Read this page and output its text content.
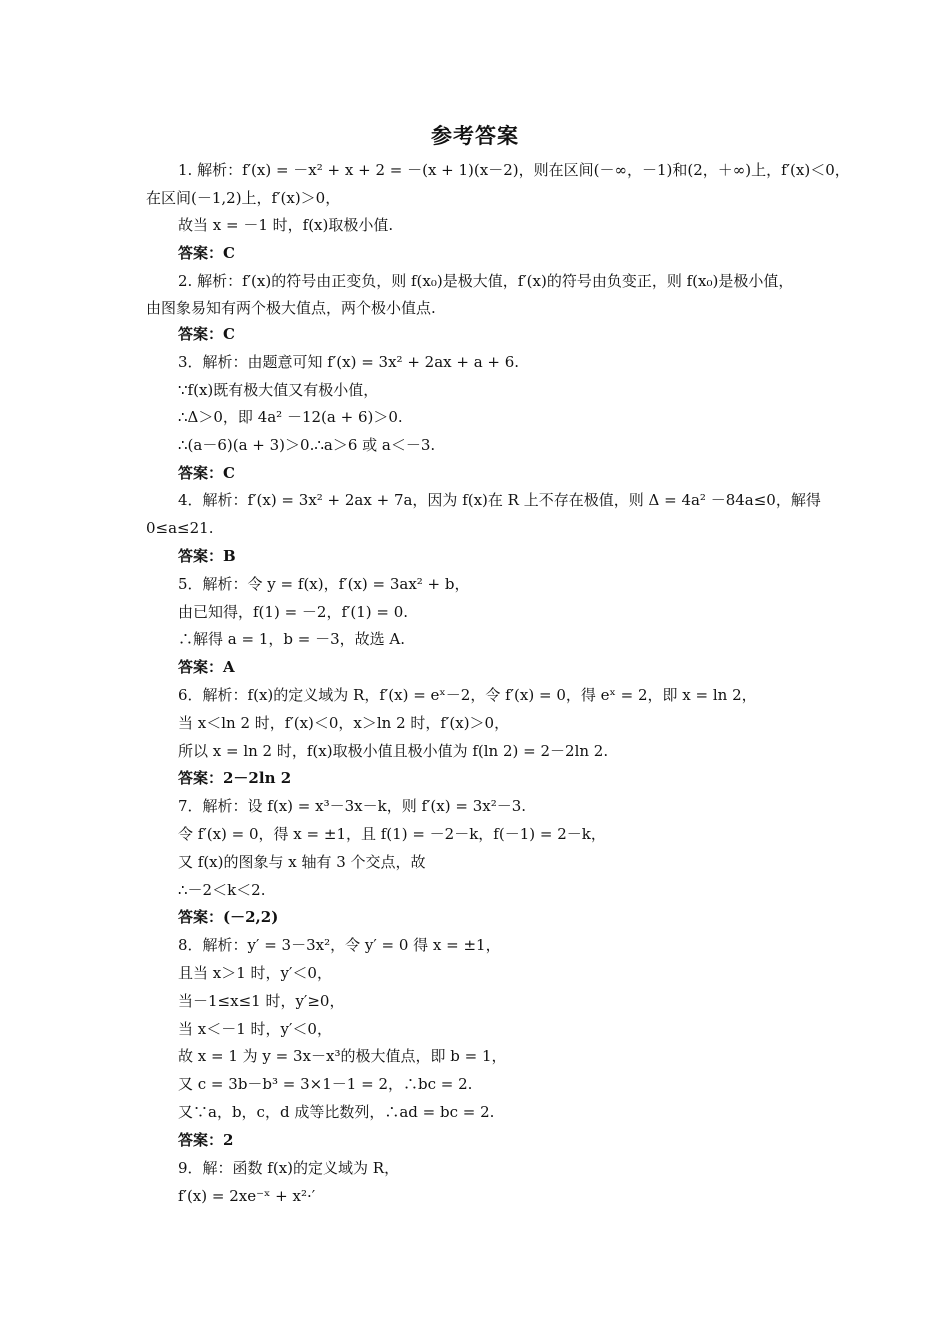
参考答案
1. 解析：f′(x) = －x² + x + 2 = －(x + 1)(x－2)，则在区间(－∞，－1)和(2，＋∞)上，f′(x)＜0，
在区间(－1,2)上，f′(x)＞0，
故当 x = －1 时，f(x)取极小值.
答案：C
2. 解析：f′(x)的符号由正变负，则 f(x₀)是极大值，f′(x)的符号由负变正，则 f(x₀)是极小值，
由图象易知有两个极大值点，两个极小值点.
答案：C
3．解析：由题意可知 f′(x) = 3x² + 2ax + a + 6.
∵f(x)既有极大值又有极小值，
∴Δ＞0，即 4a² －12(a + 6)＞0.
∴(a－6)(a + 3)＞0.∴a＞6 或 a＜－3.
答案：C
4．解析：f′(x) = 3x² + 2ax + 7a，因为 f(x)在 R 上不存在极值，则 Δ = 4a² －84a≤0，解得
0≤a≤21.
答案：B
5．解析：令 y = f(x)，f′(x) = 3ax² + b，
由已知得，f(1) = －2，f′(1) = 0.
∴解得 a = 1，b = －3，故选 A.
答案：A
6．解析：f(x)的定义域为 R，f′(x) = eˣ－2，令 f′(x) = 0，得 eˣ = 2，即 x = ln 2，
当 x＜ln 2 时，f′(x)＜0，x＞ln 2 时，f′(x)＞0，
所以 x = ln 2 时，f(x)取极小值且极小值为 f(ln 2) = 2－2ln 2.
答案：2－2ln 2
7．解析：设 f(x) = x³－3x－k，则 f′(x) = 3x²－3.
令 f′(x) = 0，得 x = ±1，且 f(1) = －2－k，f(－1) = 2－k，
又 f(x)的图象与 x 轴有 3 个交点，故
∴－2＜k＜2.
答案：(－2,2)
8．解析：y′ = 3－3x²，令 y′ = 0 得 x = ±1，
且当 x＞1 时，y′＜0，
当－1≤x≤1 时，y′≥0，
当 x＜－1 时，y′＜0，
故 x = 1 为 y = 3x－x³的极大值点，即 b = 1，
又 c = 3b－b³ = 3×1－1 = 2，∴bc = 2.
又∵a，b，c，d 成等比数列，∴ad = bc = 2.
答案：2
9．解：函数 f(x)的定义域为 R，
f′(x) = 2xe⁻ˣ + x²·′
